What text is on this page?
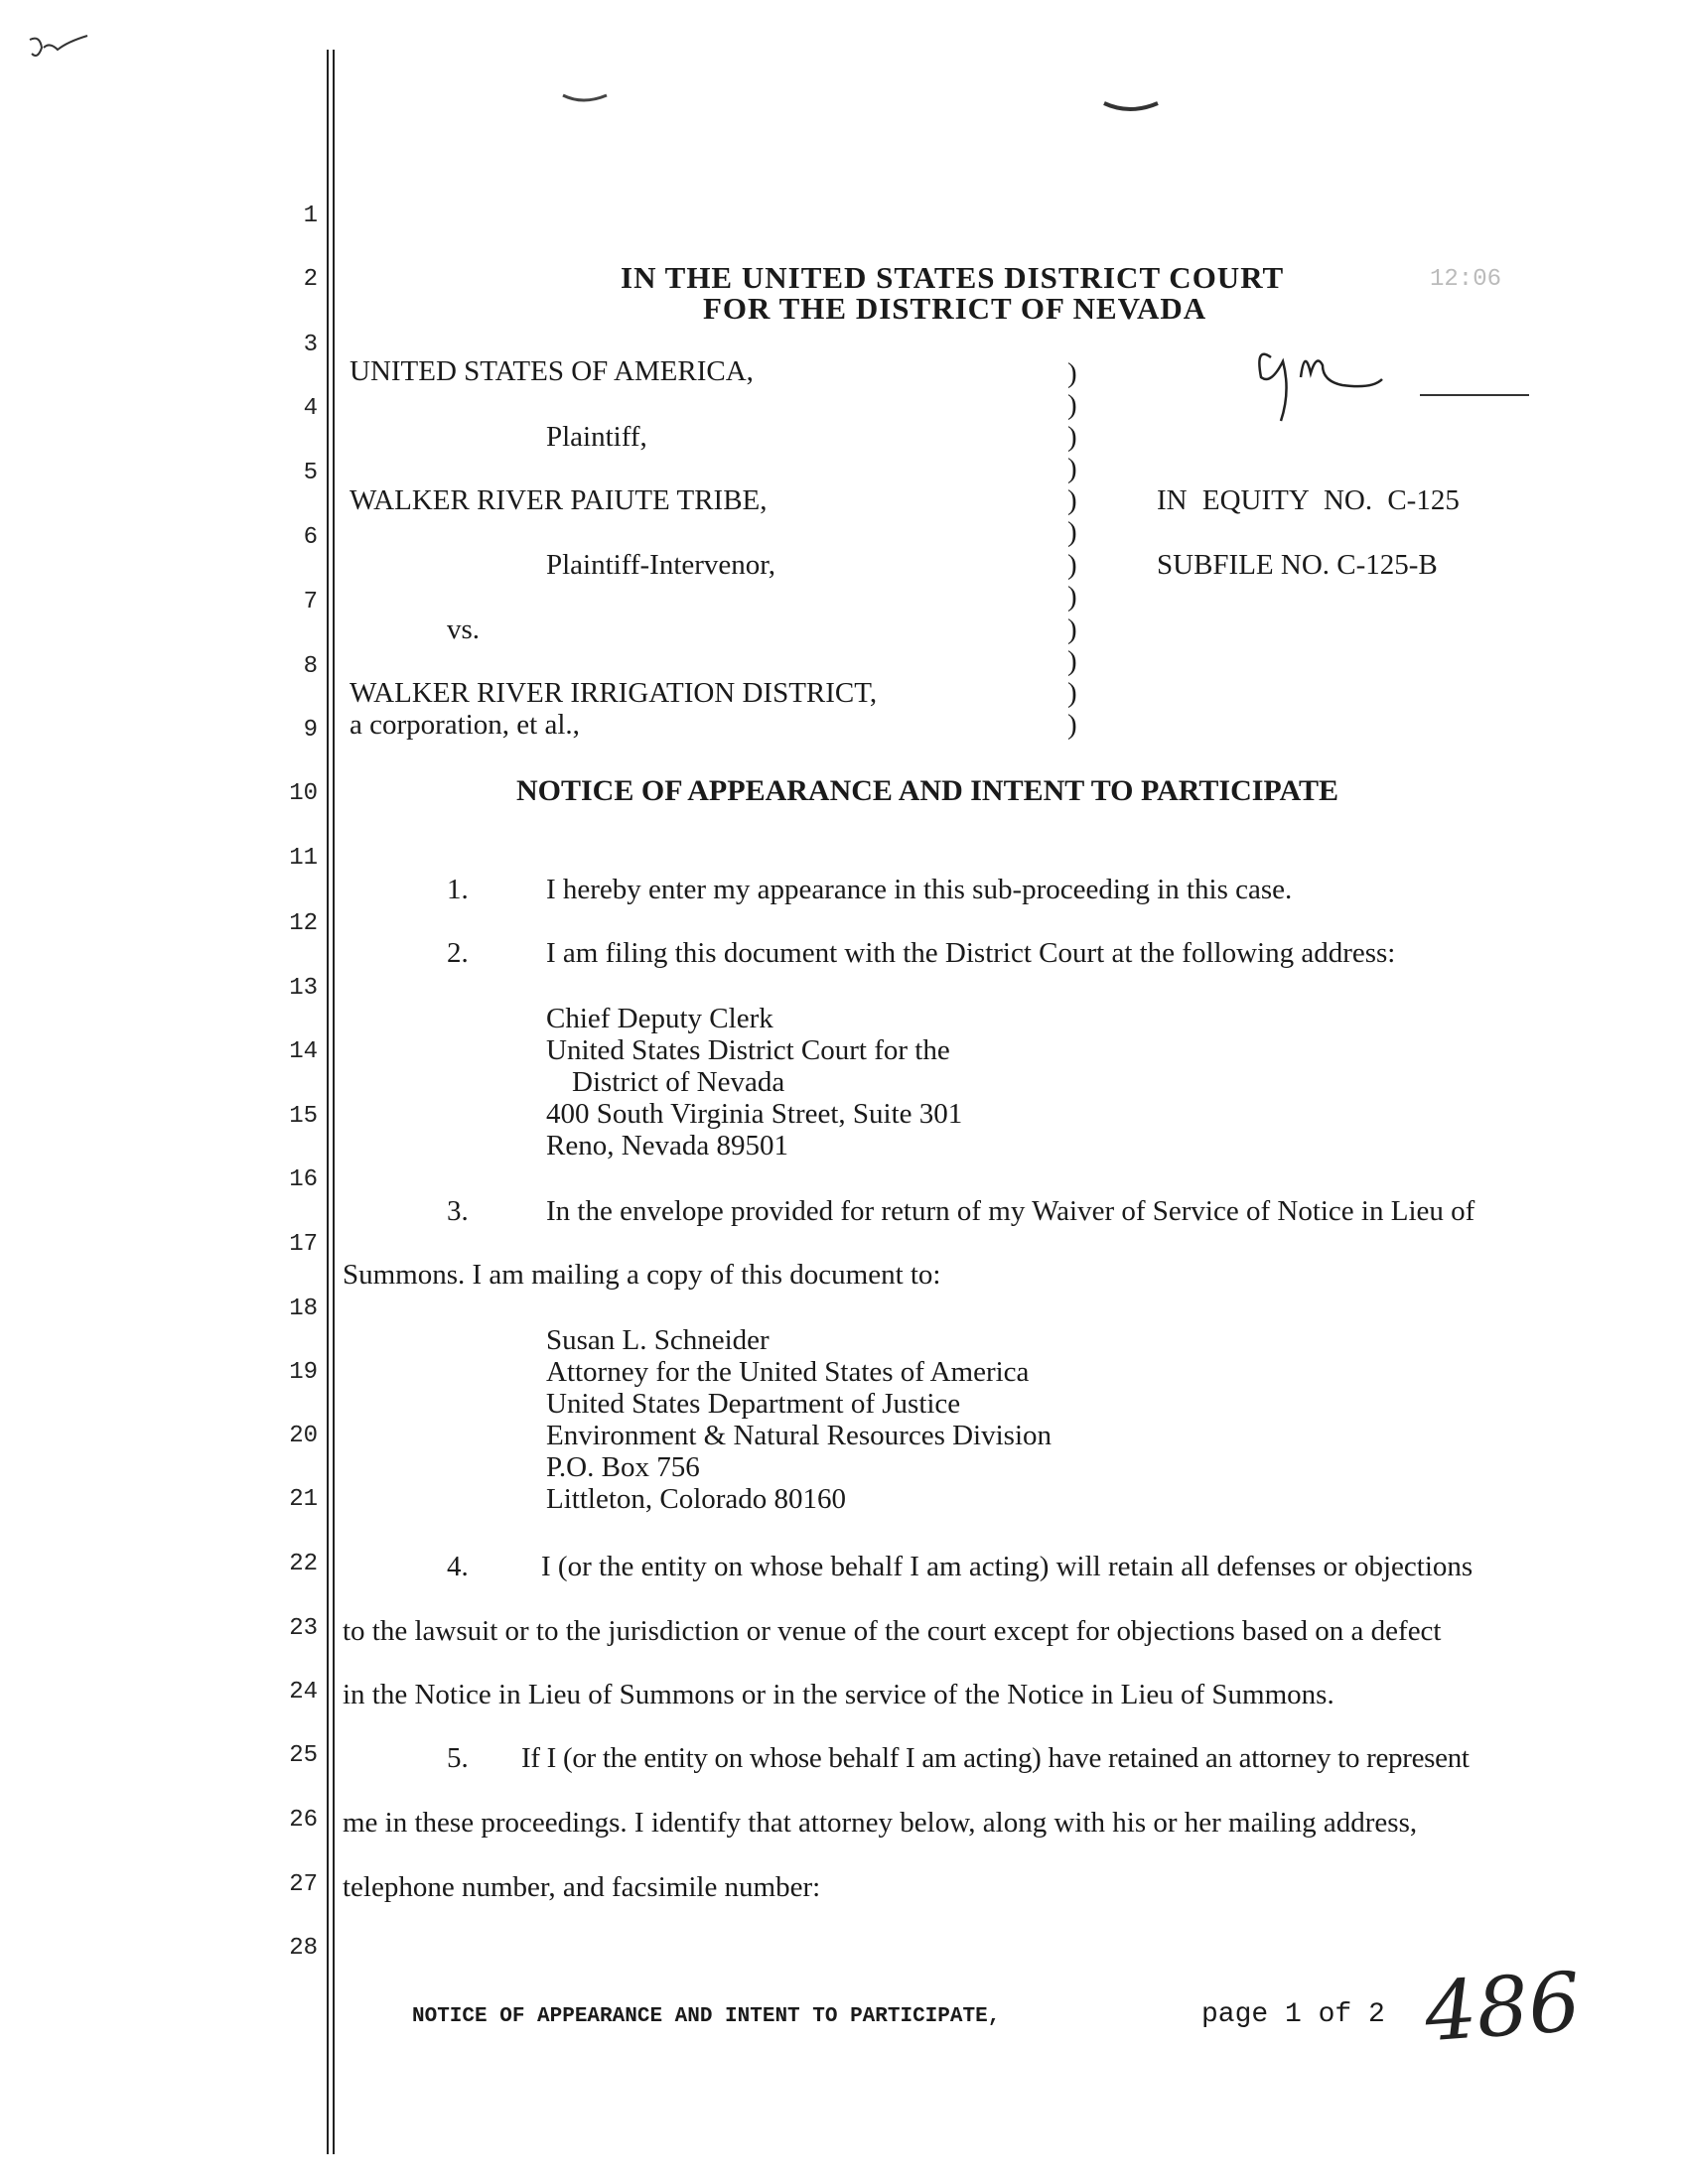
1
2
3
4
5
6
7
8
9
10
11
12
13
14
15
16
17
18
19
20
21
22
23
24
25
26
27
28
IN THE UNITED STATES DISTRICT COURT
FOR THE DISTRICT OF NEVADA
12:06
UNITED STATES OF AMERICA,
Plaintiff,
WALKER RIVER PAIUTE TRIBE,
Plaintiff-Intervenor,
vs.
WALKER RIVER IRRIGATION DISTRICT,
a corporation, et al.,
)
)
)
)
)
)
)
)
)
)
)
)
IN EQUITY NO. C-125
SUBFILE NO. C-125-B
NOTICE OF APPEARANCE AND INTENT TO PARTICIPATE
1.	I hereby enter my appearance in this sub-proceeding in this case.
2.	I am filing this document with the District Court at the following address:
Chief Deputy Clerk
United States District Court for the
District of Nevada
400 South Virginia Street, Suite 301
Reno, Nevada 89501
3.	In the envelope provided for return of my Waiver of Service of Notice in Lieu of
Summons. I am mailing a copy of this document to:
Susan L. Schneider
Attorney for the United States of America
United States Department of Justice
Environment & Natural Resources Division
P.O. Box 756
Littleton, Colorado 80160
4.	I (or the entity on whose behalf I am acting) will retain all defenses or objections
to the lawsuit or to the jurisdiction or venue of the court except for objections based on a defect
in the Notice in Lieu of Summons or in the service of the Notice in Lieu of Summons.
5. If I (or the entity on whose behalf I am acting) have retained an attorney to represent
me in these proceedings. I identify that attorney below, along with his or her mailing address,
telephone number, and facsimile number:
NOTICE OF APPEARANCE AND INTENT TO PARTICIPATE,	page 1 of 2 486
